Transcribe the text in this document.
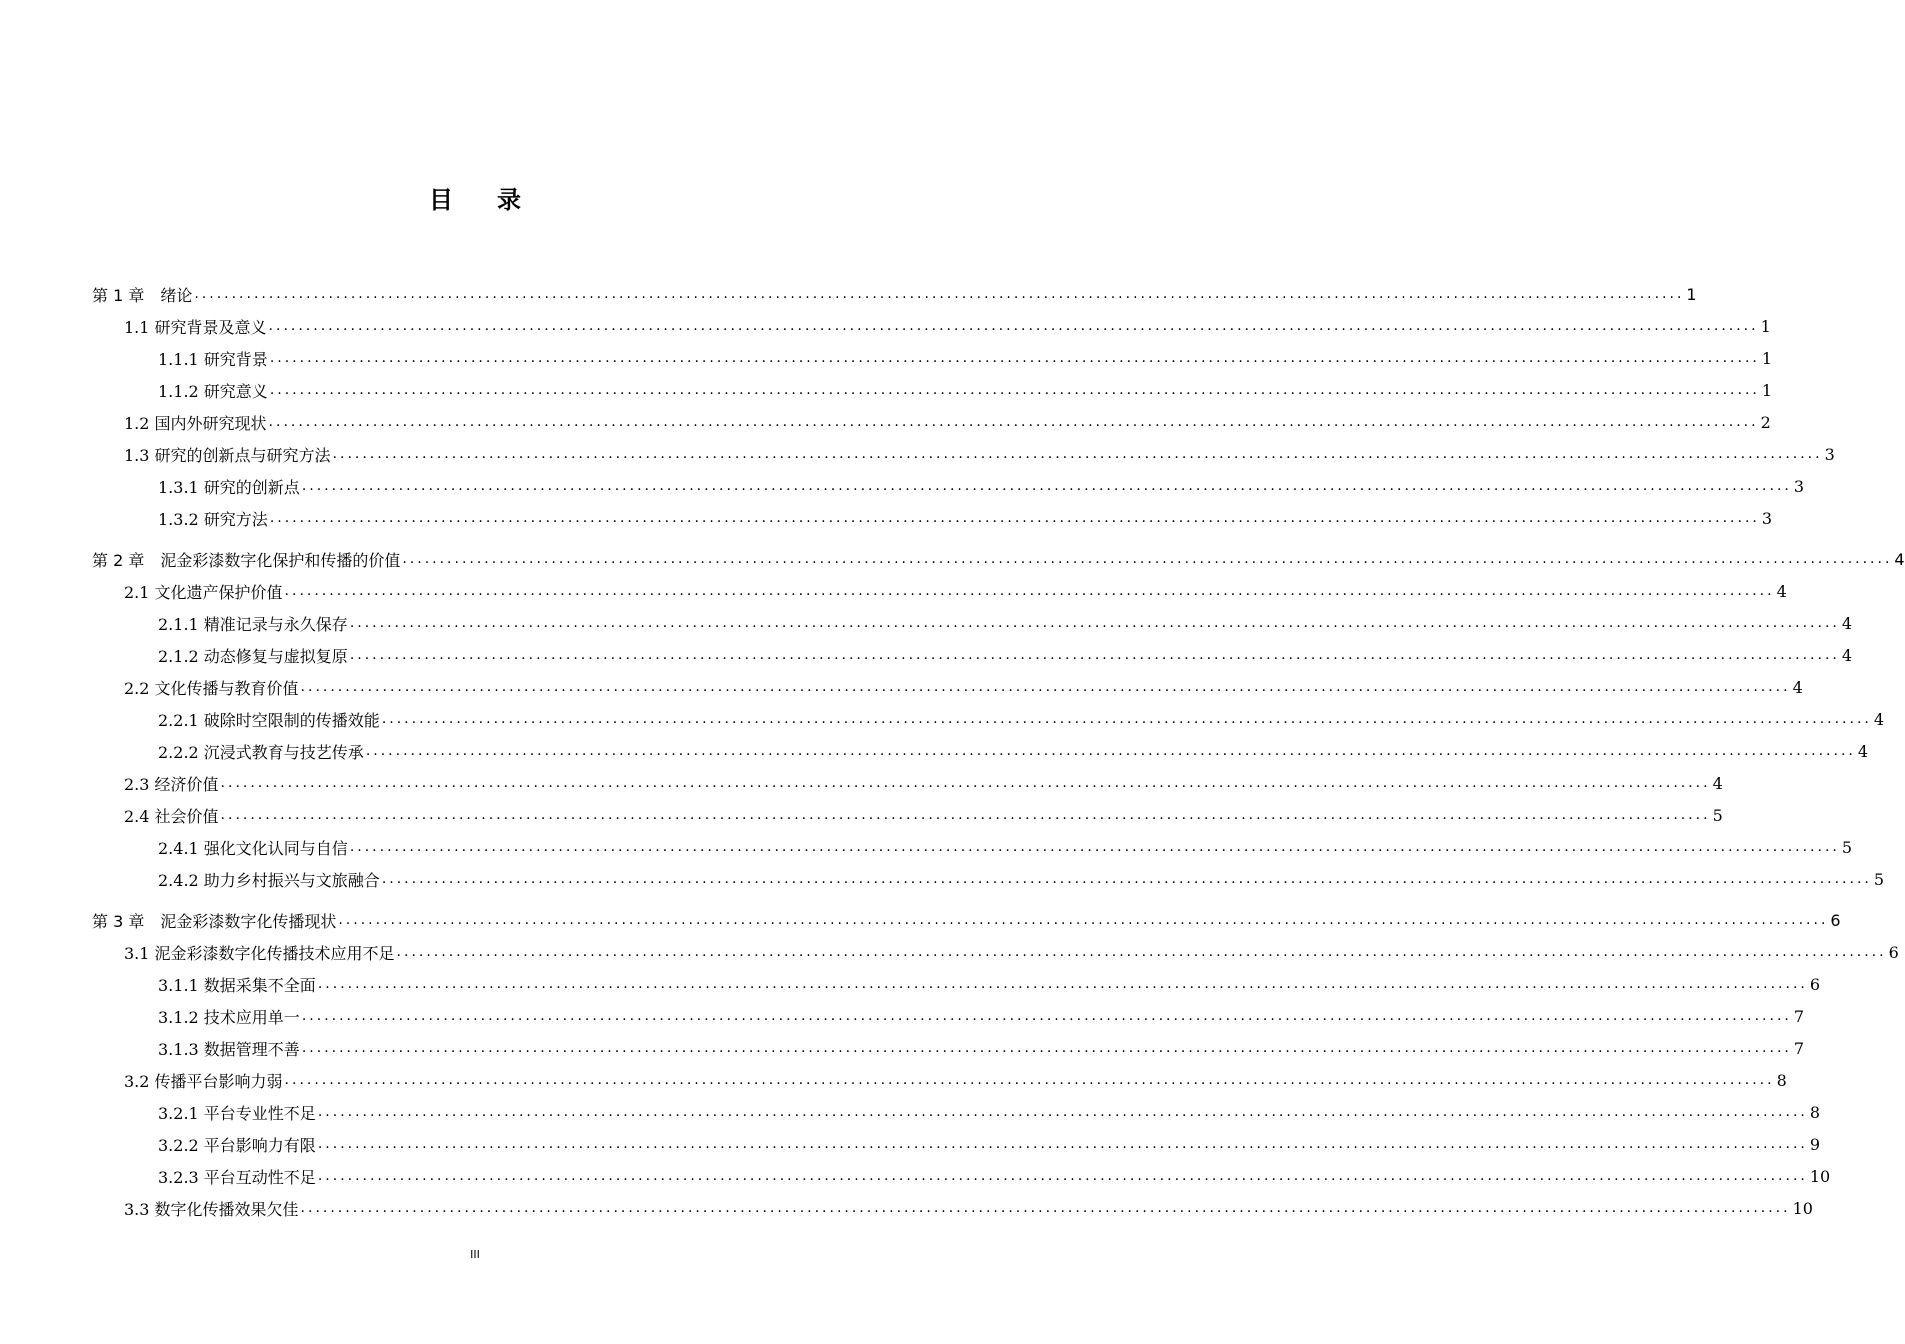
目录
第 1 章　绪论 ........................................................................................................................................................................................................ 1
1.1 研究背景及意义 ........................................................................................................................................................................................................ 1
1.1.1 研究背景 ........................................................................................................................................................................................................ 1
1.1.2 研究意义 ........................................................................................................................................................................................................ 1
1.2 国内外研究现状 ........................................................................................................................................................................................................ 2
1.3 研究的创新点与研究方法 ........................................................................................................................................................................................................ 3
1.3.1 研究的创新点 ........................................................................................................................................................................................................ 3
1.3.2 研究方法 ........................................................................................................................................................................................................ 3
第 2 章　泥金彩漆数字化保护和传播的价值 ........................................................................................................................................................................................................ 4
2.1 文化遗产保护价值 ........................................................................................................................................................................................................ 4
2.1.1 精准记录与永久保存 ........................................................................................................................................................................................................ 4
2.1.2 动态修复与虚拟复原 ........................................................................................................................................................................................................ 4
2.2 文化传播与教育价值 ........................................................................................................................................................................................................ 4
2.2.1 破除时空限制的传播效能 ........................................................................................................................................................................................................ 4
2.2.2 沉浸式教育与技艺传承 ........................................................................................................................................................................................................ 4
2.3 经济价值 ........................................................................................................................................................................................................ 4
2.4 社会价值 ........................................................................................................................................................................................................ 5
2.4.1 强化文化认同与自信 ........................................................................................................................................................................................................ 5
2.4.2 助力乡村振兴与文旅融合 ........................................................................................................................................................................................................ 5
第 3 章　泥金彩漆数字化传播现状 ........................................................................................................................................................................................................ 6
3.1 泥金彩漆数字化传播技术应用不足 ........................................................................................................................................................................................................ 6
3.1.1 数据采集不全面 ........................................................................................................................................................................................................ 6
3.1.2 技术应用单一 ........................................................................................................................................................................................................ 7
3.1.3 数据管理不善 ........................................................................................................................................................................................................ 7
3.2 传播平台影响力弱 ........................................................................................................................................................................................................ 8
3.2.1 平台专业性不足 ........................................................................................................................................................................................................ 8
3.2.2 平台影响力有限 ........................................................................................................................................................................................................ 9
3.2.3 平台互动性不足 ........................................................................................................................................................................................................ 10
3.3 数字化传播效果欠佳 ........................................................................................................................................................................................................ 10
III
